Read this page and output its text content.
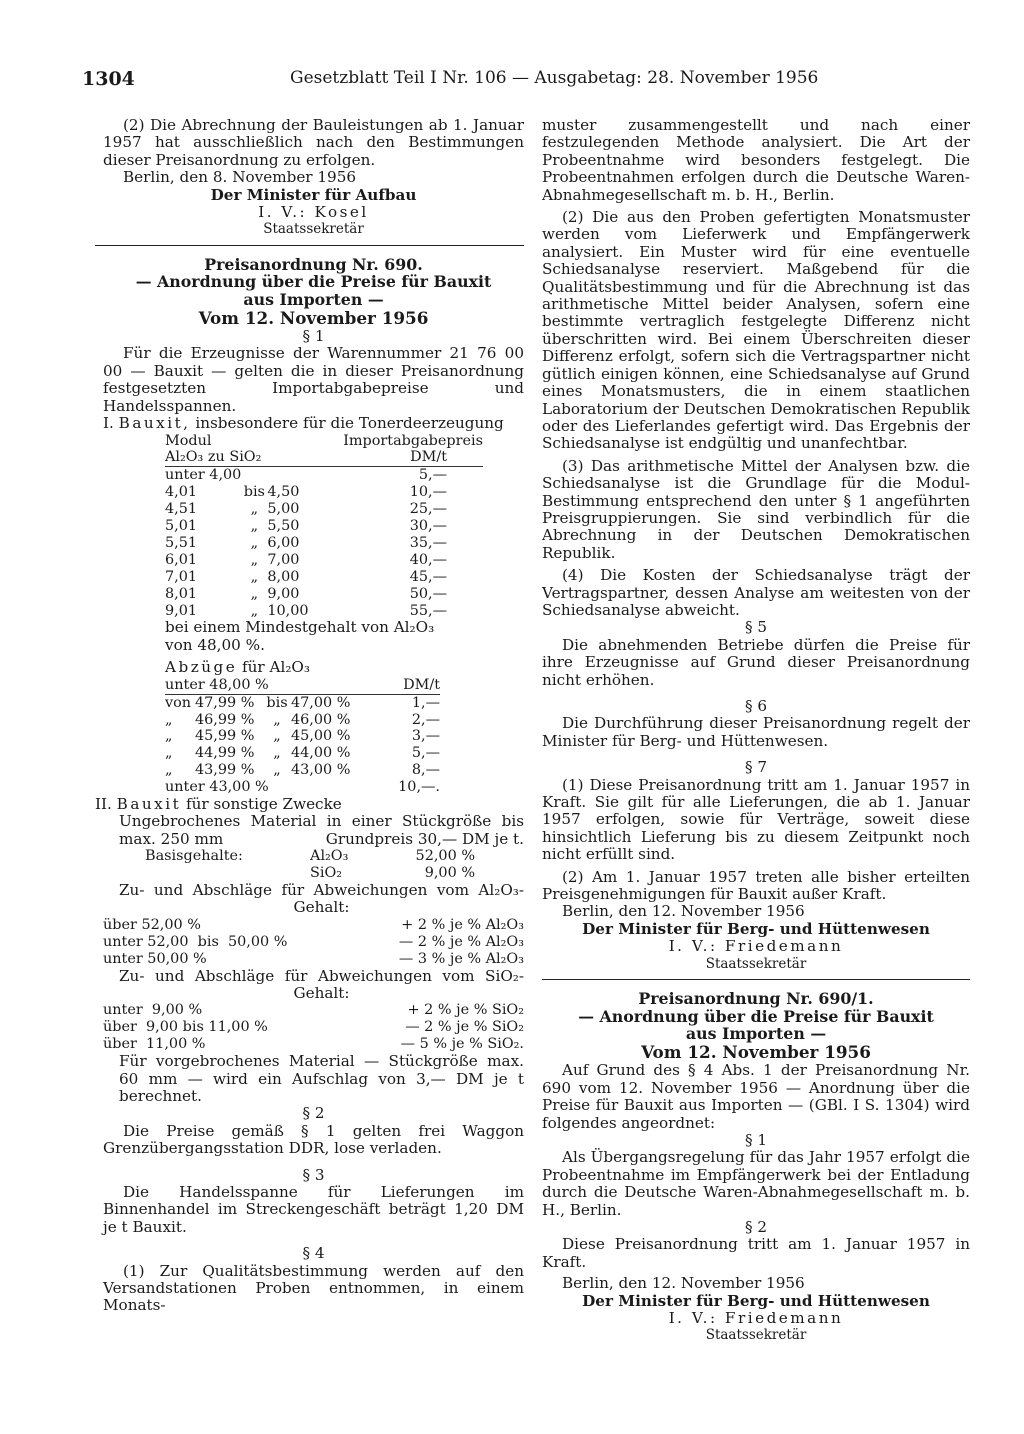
1304	Gesetzblatt Teil I Nr. 106 — Ausgabetag: 28. November 1956

(2) Die Abrechnung der Bauleistungen ab 1. Januar 1957 hat ausschließlich nach den Bestimmungen dieser Preisanordnung zu erfolgen.

Berlin, den 8. November 1956

Der Minister für Aufbau
I. V.: Kosel
Staatssekretär
Preisanordnung Nr. 690.
— Anordnung über die Preise für Bauxit
aus Importen —
Vom 12. November 1956
§ 1

Für die Erzeugnisse der Warennummer 21 76 00 00 — Bauxit — gelten die in dieser Preisanordnung festgesetzten Importabgabepreise und Handelsspannen.

I. Bauxit, insbesondere für die Tonerdeerzeugung
Modul			Importabgabepreis
Al₂O₃ zu SiO₂			DM/t
unter 4,00			5,—
4,01	bis	4,50	10,—
4,51	„	5,00	25,—
5,01	„	5,50	30,—
5,51	„	6,00	35,—
6,01	„	7,00	40,—
7,01	„	8,00	45,—
8,01	„	9,00	50,—
9,01	„	10,00	55,—
bei einem Mindestgehalt von Al₂O₃
von 48,00 %.
Abzüge für Al₂O₃
unter 48,00 %				DM/t
von	47,99 %	bis	47,00 %		1,—
„	46,99 %	„	46,00 %		2,—
„	45,99 %	„	45,00 %		3,—
„	44,99 %	„	44,00 %		5,—
„	43,99 %	„	43,00 %		8,—
unter 43,00 %				10,—.
II. Bauxit für sonstige Zwecke
Ungebrochenes Material in einer Stückgröße bis
max. 250 mm	Grundpreis 30,— DM je t.
Basisgehalte:	Al₂O₃	52,00 %
	SiO₂	9,00 %
Zu- und Abschläge für Abweichungen vom Al₂O₃-
Gehalt:
über 52,00 %	+ 2 % je % Al₂O₃
unter 52,00  bis  50,00 %	— 2 % je % Al₂O₃
unter 50,00 %	— 3 % je % Al₂O₃
Zu- und Abschläge für Abweichungen vom SiO₂-
Gehalt:
unter  9,00 %	+ 2 % je % SiO₂
über  9,00 bis 11,00 %	— 2 % je % SiO₂
über  11,00 %	— 5 % je % SiO₂.

Für vorgebrochenes Material — Stückgröße max. 60 mm — wird ein Aufschlag von 3,— DM je t berechnet.

§ 2

Die Preise gemäß § 1 gelten frei Waggon Grenzübergangsstation DDR, lose verladen.

§ 3

Die Handelsspanne für Lieferungen im Binnenhandel im Streckengeschäft beträgt 1,20 DM je t Bauxit.

§ 4

(1) Zur Qualitätsbestimmung werden auf den Versandstationen Proben entnommen, in einem Monats-

muster zusammengestellt und nach einer festzulegenden Methode analysiert. Die Art der Probeentnahme wird besonders festgelegt. Die Probeentnahmen erfolgen durch die Deutsche Waren-Abnahmegesellschaft m. b. H., Berlin.

(2) Die aus den Proben gefertigten Monatsmuster werden vom Lieferwerk und Empfängerwerk analysiert. Ein Muster wird für eine eventuelle Schiedsanalyse reserviert. Maßgebend für die Qualitätsbestimmung und für die Abrechnung ist das arithmetische Mittel beider Analysen, sofern eine bestimmte vertraglich festgelegte Differenz nicht überschritten wird. Bei einem Überschreiten dieser Differenz erfolgt, sofern sich die Vertragspartner nicht gütlich einigen können, eine Schiedsanalyse auf Grund eines Monatsmusters, die in einem staatlichen Laboratorium der Deutschen Demokratischen Republik oder des Lieferlandes gefertigt wird. Das Ergebnis der Schiedsanalyse ist endgültig und unanfechtbar.

(3) Das arithmetische Mittel der Analysen bzw. die Schiedsanalyse ist die Grundlage für die Modul-Bestimmung entsprechend den unter § 1 angeführten Preisgruppierungen. Sie sind verbindlich für die Abrechnung in der Deutschen Demokratischen Republik.

(4) Die Kosten der Schiedsanalyse trägt der Vertragspartner, dessen Analyse am weitesten von der Schiedsanalyse abweicht.

§ 5

Die abnehmenden Betriebe dürfen die Preise für ihre Erzeugnisse auf Grund dieser Preisanordnung nicht erhöhen.

§ 6

Die Durchführung dieser Preisanordnung regelt der Minister für Berg- und Hüttenwesen.

§ 7

(1) Diese Preisanordnung tritt am 1. Januar 1957 in Kraft. Sie gilt für alle Lieferungen, die ab 1. Januar 1957 erfolgen, sowie für Verträge, soweit diese hinsichtlich Lieferung bis zu diesem Zeitpunkt noch nicht erfüllt sind.

(2) Am 1. Januar 1957 treten alle bisher erteilten Preisgenehmigungen für Bauxit außer Kraft.

Berlin, den 12. November 1956

Der Minister für Berg- und Hüttenwesen
I. V.: Friedemann
Staatssekretär
Preisanordnung Nr. 690/1.
— Anordnung über die Preise für Bauxit
aus Importen —
Vom 12. November 1956

Auf Grund des § 4 Abs. 1 der Preisanordnung Nr. 690 vom 12. November 1956 — Anordnung über die Preise für Bauxit aus Importen — (GBl. I S. 1304) wird folgendes angeordnet:

§ 1

Als Übergangsregelung für das Jahr 1957 erfolgt die Probeentnahme im Empfängerwerk bei der Entladung durch die Deutsche Waren-Abnahmegesellschaft m. b. H., Berlin.

§ 2

Diese Preisanordnung tritt am 1. Januar 1957 in Kraft.

Berlin, den 12. November 1956

Der Minister für Berg- und Hüttenwesen
I. V.: Friedemann
Staatssekretär
